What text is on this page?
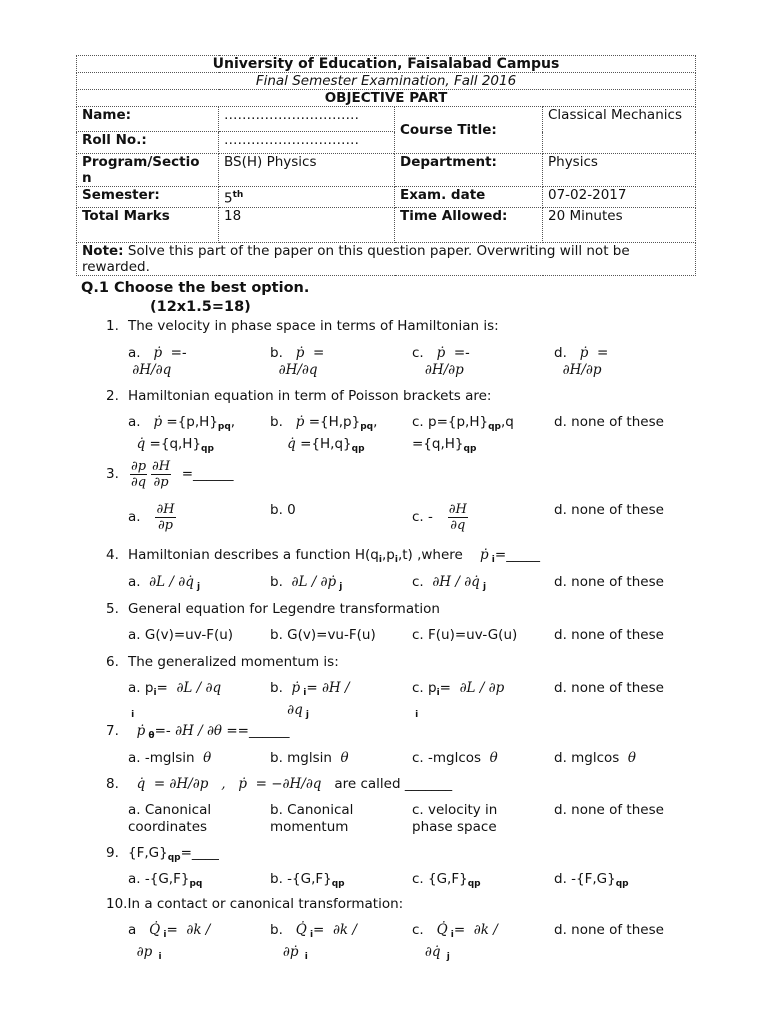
University of Education, Faisalabad Campus			
Final Semester Examination, Fall 2016			
OBJECTIVE PART			
Name:	…………………………	Course Title:	Classical Mechanics
Roll No.:	…………………………		
Program/Sectio n	BS(H) Physics	Department:	Physics
Semester:	5th	Exam. date	07-02-2017
Total Marks	18	Time Allowed:	20 Minutes
Note: Solve this part of the paper on this question paper. Overwriting will not be rewarded.			
Q.1 Choose the best option.
(12x1.5=18)
1. The velocity in phase space in terms of Hamiltonian is:
a.   ṗ  =-
∂H/∂q
b.   ṗ  =
∂H/∂q
c.   ṗ  =-
∂H/∂p
d.   ṗ  =
∂H/∂p
2. Hamiltonian equation in term of Poisson brackets are:
a.   ṗ $=\{p,H\}_{pq}$,
q̇ $=\{q,H\}_{qp}$
b.   ṗ $=\{H,p\}_{pq}$,
q̇ $=\{H,q\}_{qp}$
c. $p=\{p,H\}_{qp},q$
$=\{q,H\}_{qp}$
d. none of these
3. $\frac{\partial p}{\partial q} \frac{\partial H}{\partial p}$ =______
a. $\frac{\partial H}{\partial p}$	b. 0	c. - $\frac{\partial H}{\partial q}$	d. none of these
4. Hamiltonian describes a function $H(q_i,p_i,t)$ ,where    ṗ $_i$=_____
a. ∂L / ∂q̇ $_j$	b. ∂L / ∂ṗ $_j$	c. ∂H / ∂q̇ $_j$	d. none of these
5. General equation for Legendre transformation
a. G(v)=uv-F(u)	b. G(v)=vu-F(u)	c. F(u)=uv-G(u)	d. none of these
6. The generalized momentum is:
a. $p_i= \partial L / \partial q$
$_i$
b. ṗ $_i$= ∂H /
∂q $_j$
c. $p_i= \partial L / \partial p$
$_i$
d. none of these
7. ṗ $_\theta$=- ∂H / ∂θ ==______
a. -mglsin  θ	b. mglsin  θ	c. -mglcos  θ	d. mglcos  θ
8. q̇  = ∂H/∂p   ,   ṗ  = −∂H/∂q are called _______
a. Canonical coordinates
b. Canonical momentum
c. velocity in phase space
d. none of these
9. $\{F,G\}_{qp}=\_\_\_\_$
a. $-\{G,F\}_{pq}$	b. $-\{G,F\}_{qp}$	c. $\{G,F\}_{qp}$	d. $-\{F,G\}_{qp}$
10.In a contact or canonical transformation:
a Q̇ $_i$=  ∂k /
∂p  $_i$
b. Q̇ $_i$=  ∂k /
∂ṗ  $_i$
c. Q̇ $_i$=  ∂k /
∂q̇  $_j$
d. none of these
